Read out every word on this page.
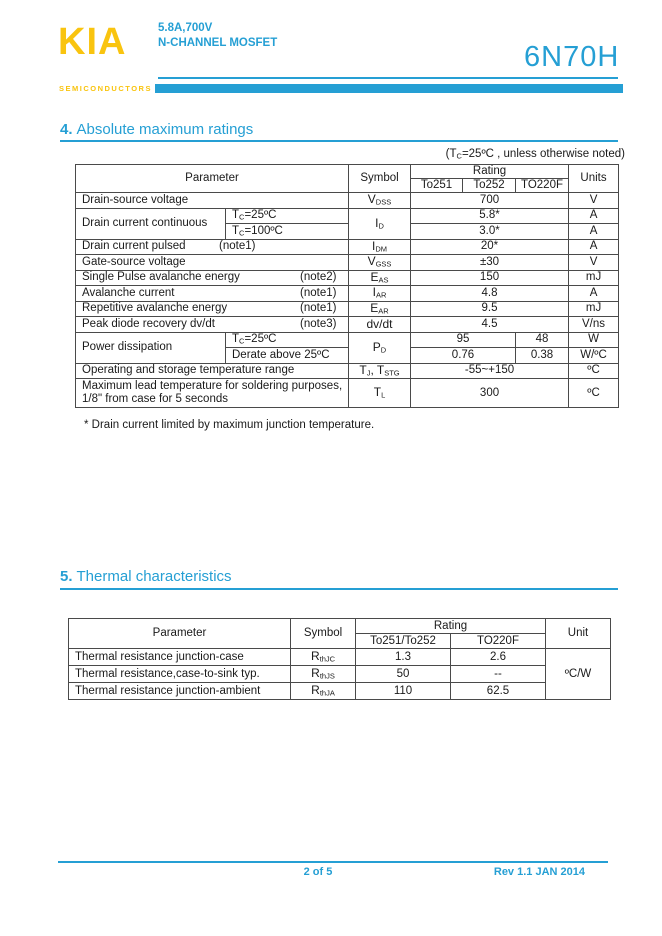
KIA
SEMICONDUCTORS
5.8A,700V
N-CHANNEL MOSFET	6N70H
4. Absolute maximum ratings
($T_C=25ºC$ , unless otherwise noted)
Parameter		Symbol	Rating			Units
			To251	To252	TO220F	
Drain-source voltage		$V_{DSS}$	700			V
Drain current continuous	$T_C=25ºC$	$I_D$	5.8*			A
	$T_C=100ºC$		3.0*			A
Drain current pulsed (note1)		$I_{DM}$	20*			A
Gate-source voltage		$V_{GSS}$	±30			V
Single Pulse avalanche energy (note2)		$E_{AS}$	150			mJ
Avalanche current (note1)		$I_{AR}$	4.8			A
Repetitive avalanche energy (note1)		$E_{AR}$	9.5			mJ
Peak diode recovery dv/dt (note3)		dv/dt	4.5			V/ns
Power dissipation	$T_C=25ºC$	$P_D$	95		48	W
	Derate above 25ºC		0.76		0.38	W/ºC
Operating and storage temperature range		$T_J$, $T_{STG}$	-55~+150			ºC
Maximum lead temperature for soldering purposes, 1/8" from case for 5 seconds		$T_L$	300			ºC
* Drain current limited by maximum junction temperature.
5. Thermal characteristics
Parameter	Symbol	Rating		Unit
		To251/To252	TO220F	
Thermal resistance junction-case	$R_{thJC}$	1.3	2.6	ºC/W
Thermal resistance,case-to-sink typ.	$R_{thJS}$	50	--	
Thermal resistance junction-ambient	$R_{thJA}$	110	62.5	
2 of 5	Rev 1.1 JAN 2014
